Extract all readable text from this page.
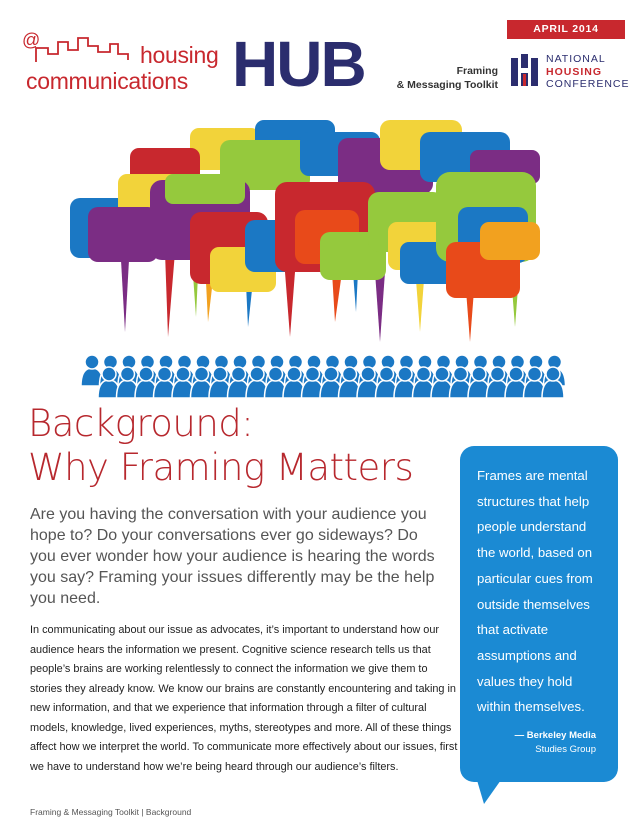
@
housing
communications HUB	APRIL 2014
Framing
& Messaging Toolkit
NATIONAL
HOUSING
CONFERENCE
Background:
Why Framing Matters

Are you having the conversation with your audience you hope to? Do your conversations ever go sideways? Do you ever wonder how your audience is hearing the words you say? Framing your issues differently may be the help you need.

In communicating about our issue as advocates, it’s important to understand how our audience hears the information we present. Cognitive science research tells us that people’s brains are working relentlessly to connect the information we give them to stories they already know. We know our brains are constantly encountering and taking in new information, and that we experience that information through a filter of cultural models, knowledge, lived experiences, myths, stereotypes and more. All of these things affect how we interpret the world. To communicate more effectively about our issues, first we have to understand how we’re being heard through our audience’s filters.

Frames are mental structures that help people understand the world, based on particular cues from outside themselves that activate assumptions and values they hold within themselves.

— Berkeley Media
Studies Group
Framing & Messaging Toolkit | Background
